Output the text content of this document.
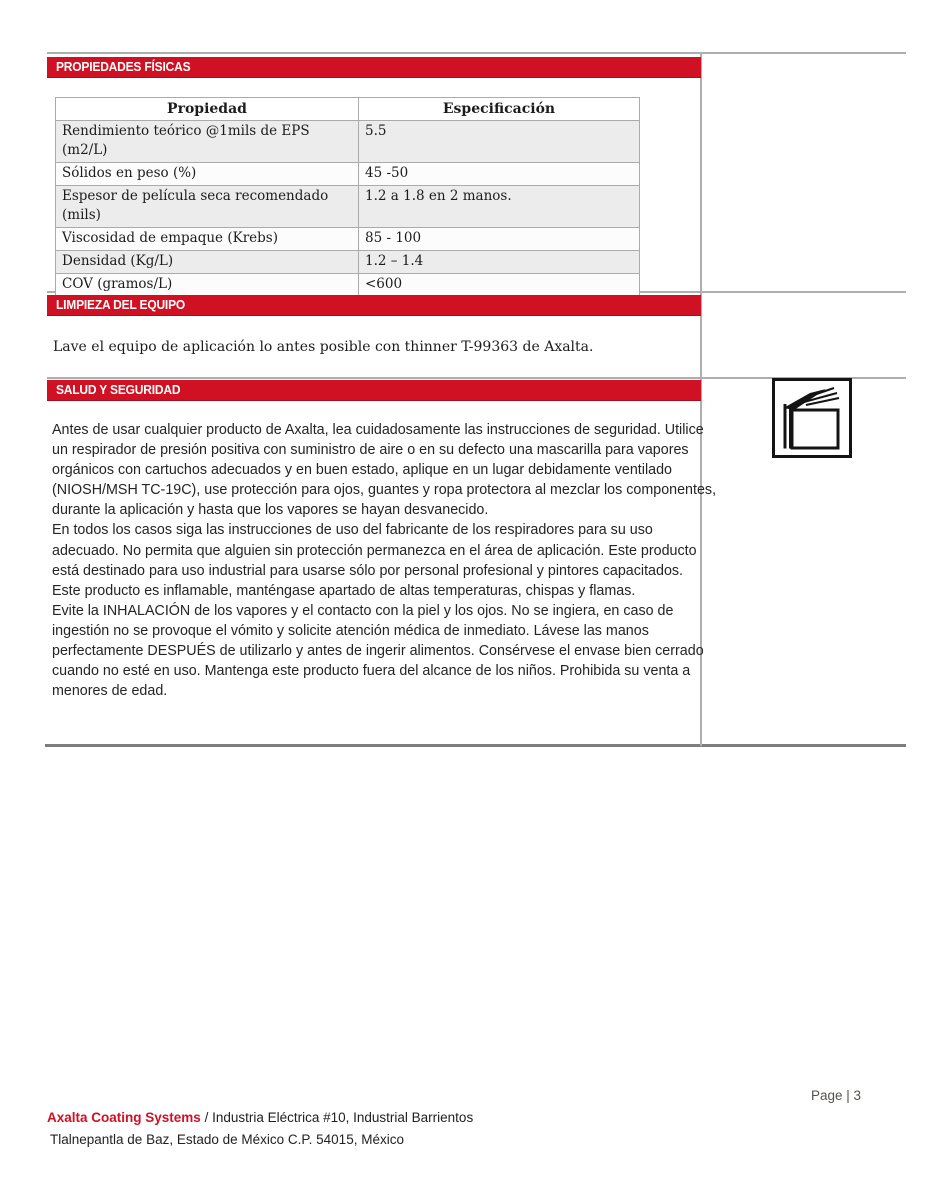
PROPIEDADES FÍSICAS
Propiedad	Especificación
Rendimiento teórico @1mils de EPS (m2/L)	5.5
Sólidos en peso (%)	45 -50
Espesor de película seca recomendado (mils)	1.2 a 1.8 en 2 manos.
Viscosidad de empaque (Krebs)	85 - 100
Densidad (Kg/L)	1.2 – 1.4
COV (gramos/L)	<600
LIMPIEZA DEL EQUIPO
Lave el equipo de aplicación lo antes posible con thinner T-99363 de Axalta.
SALUD Y SEGURIDAD
Antes de usar cualquier producto de Axalta, lea cuidadosamente las instrucciones de seguridad. Utilice un respirador de presión positiva con suministro de aire o en su defecto una mascarilla para vapores orgánicos con cartuchos adecuados y en buen estado, aplique en un lugar debidamente ventilado (NIOSH/MSH TC-19C), use protección para ojos, guantes y ropa protectora al mezclar los componentes, durante la aplicación y hasta que los vapores se hayan desvanecido.
En todos los casos siga las instrucciones de uso del fabricante de los respiradores para su uso adecuado. No permita que alguien sin protección permanezca en el área de aplicación. Este producto está destinado para uso industrial para usarse sólo por personal profesional y pintores capacitados.
Este producto es inflamable, manténgase apartado de altas temperaturas, chispas y flamas.
Evite la INHALACIÓN de los vapores y el contacto con la piel y los ojos. No se ingiera, en caso de ingestión no se provoque el vómito y solicite atención médica de inmediato. Lávese las manos perfectamente DESPUÉS de utilizarlo y antes de ingerir alimentos. Consérvese el envase bien cerrado cuando no esté en uso. Mantenga este producto fuera del alcance de los niños. Prohibida su venta a menores de edad.
Page | 3
Axalta Coating Systems / Industria Eléctrica #10, Industrial Barrientos
Tlalnepantla de Baz, Estado de México C.P. 54015, México
